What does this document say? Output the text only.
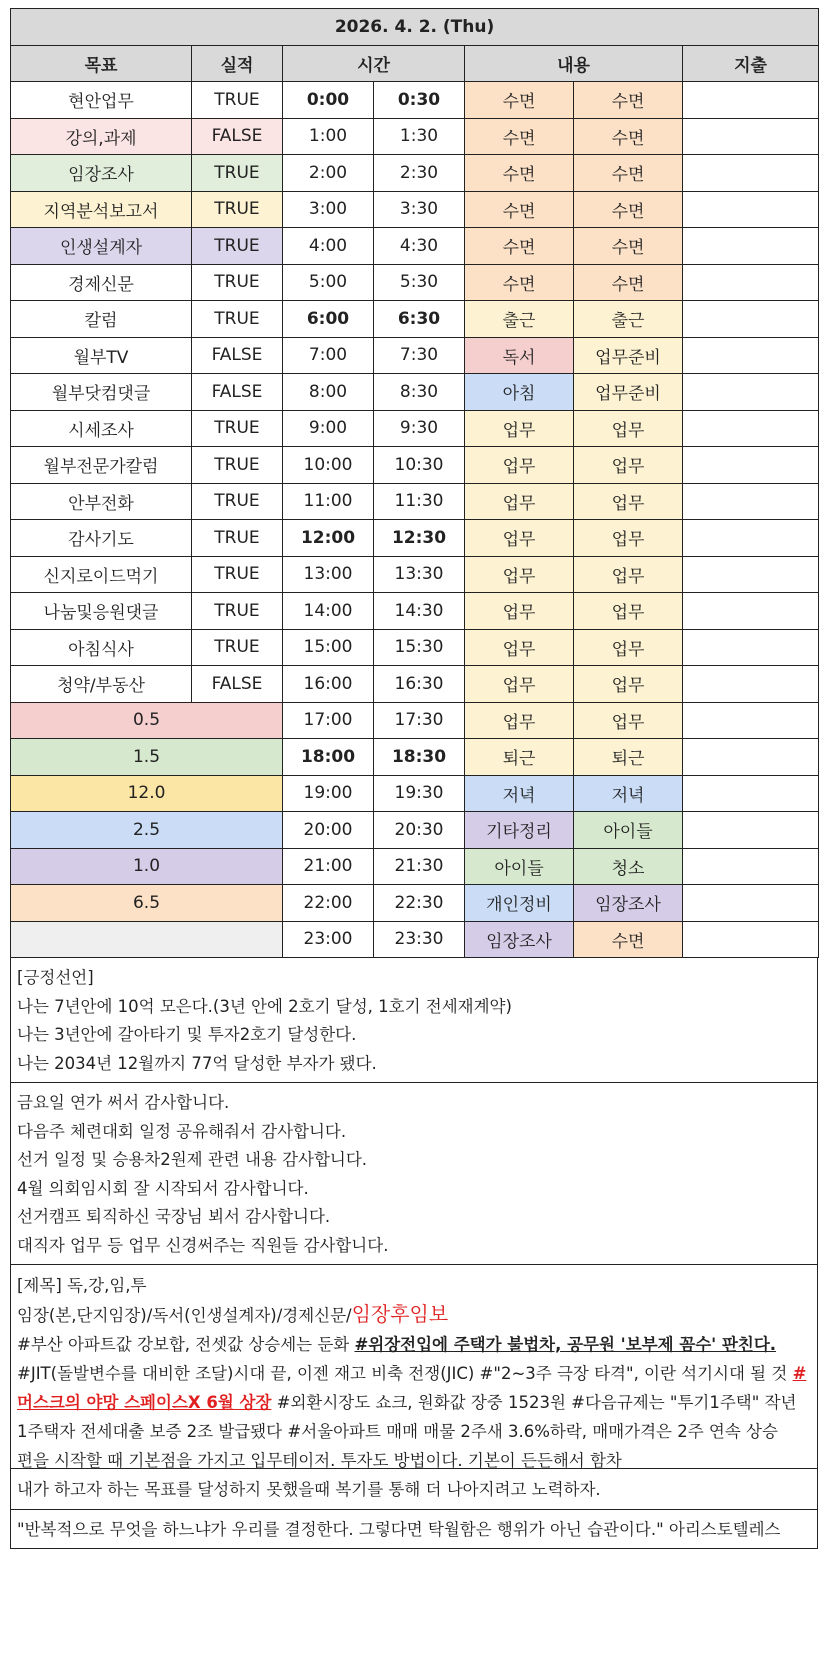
2026. 4. 2. (Thu)						
목표	실적	시간		내용		지출
현안업무	TRUE	0:00	0:30	수면	수면	
강의,과제	FALSE	1:00	1:30	수면	수면	
임장조사	TRUE	2:00	2:30	수면	수면	
지역분석보고서	TRUE	3:00	3:30	수면	수면	
인생설계자	TRUE	4:00	4:30	수면	수면	
경제신문	TRUE	5:00	5:30	수면	수면	
칼럼	TRUE	6:00	6:30	출근	출근	
월부TV	FALSE	7:00	7:30	독서	업무준비	
월부닷컴댓글	FALSE	8:00	8:30	아침	업무준비	
시세조사	TRUE	9:00	9:30	업무	업무	
월부전문가칼럼	TRUE	10:00	10:30	업무	업무	
안부전화	TRUE	11:00	11:30	업무	업무	
감사기도	TRUE	12:00	12:30	업무	업무	
신지로이드먹기	TRUE	13:00	13:30	업무	업무	
나눔및응원댓글	TRUE	14:00	14:30	업무	업무	
아침식사	TRUE	15:00	15:30	업무	업무	
청약/부동산	FALSE	16:00	16:30	업무	업무	
0.5		17:00	17:30	업무	업무	
1.5		18:00	18:30	퇴근	퇴근	
12.0		19:00	19:30	저녁	저녁	
2.5		20:00	20:30	기타정리	아이들	
1.0		21:00	21:30	아이들	청소	
6.5		22:00	22:30	개인정비	임장조사	
		23:00	23:30	임장조사	수면	

[긍정선언]

나는 7년안에 10억 모은다.(3년 안에 2호기 달성, 1호기 전세재계약)

나는 3년안에 갈아타기 및 투자2호기 달성한다.

나는 2034년 12월까지 77억 달성한 부자가 됐다.

금요일 연가 써서 감사합니다.

다음주 체련대회 일정 공유해줘서 감사합니다.

선거 일정 및 승용차2원제 관련 내용 감사합니다.

4월 의회임시회 잘 시작되서 감사합니다.

선거캠프 퇴직하신 국장님 뵈서 감사합니다.

대직자 업무 등 업무 신경써주는 직원들 감사합니다.

[제목] 독,강,임,투

임장(본,단지임장)/독서(인생설계자)/경제신문/임장후임보

#부산 아파트값 강보합, 전셋값 상승세는 둔화 #위장전입에 주택가 불법차, 공무원 '보부제 꼼수' 판친다. #JIT(돌발변수를 대비한 조달)시대 끝, 이젠 재고 비축 전쟁(JIC) #"2~3주 극장 타격", 이란 석기시대 될 것 #머스크의 야망 스페이스X 6월 상장 #외환시장도 쇼크, 원화값 장중 1523원 #다음규제는 "투기1주택" 작년 1주택자 전세대출 보증 2조 발급됐다 #서울아파트 매매 매물 2주새 3.6%하락, 매매가격은 2주 연속 상승 편을 시작할 때 기본점을 가지고 입무테이저. 투자도 방법이다. 기본이 든든해서 함차

내가 하고자 하는 목표를 달성하지 못했을때 복기를 통해 더 나아지려고 노력하자.

"반복적으로 무엇을 하느냐가 우리를 결정한다. 그렇다면 탁월함은 행위가 아닌 습관이다." 아리스토텔레스
